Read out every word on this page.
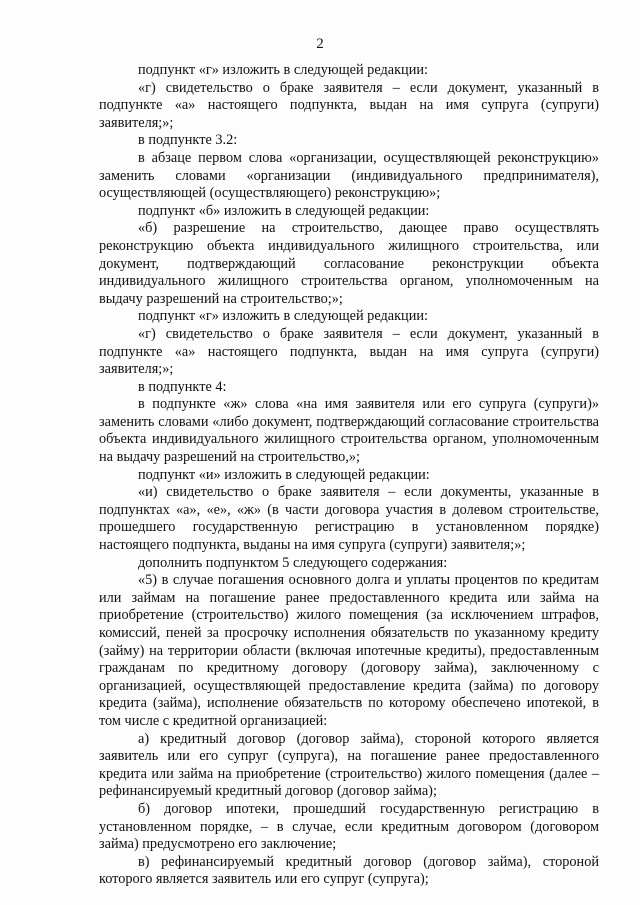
2

подпункт «г» изложить в следующей редакции:

«г) свидетельство о браке заявителя – если документ, указанный в подпункте «а» настоящего подпункта, выдан на имя супруга (супруги) заявителя;»;

в подпункте 3.2:

в абзаце первом слова «организации, осуществляющей реконструкцию» заменить словами «организации (индивидуального предпринимателя), осуществляющей (осуществляющего) реконструкцию»;

подпункт «б» изложить в следующей редакции:

«б) разрешение на строительство, дающее право осуществлять реконструкцию объекта индивидуального жилищного строительства, или документ, подтверждающий согласование реконструкции объекта индивидуального жилищного строительства органом, уполномоченным на выдачу разрешений на строительство;»;

подпункт «г» изложить в следующей редакции:

«г) свидетельство о браке заявителя – если документ, указанный в подпункте «а» настоящего подпункта, выдан на имя супруга (супруги) заявителя;»;

в подпункте 4:

в подпункте «ж» слова «на имя заявителя или его супруга (супруги)» заменить словами «либо документ, подтверждающий согласование строительства объекта индивидуального жилищного строительства органом, уполномоченным на выдачу разрешений на строительство,»;

подпункт «и» изложить в следующей редакции:

«и) свидетельство о браке заявителя – если документы, указанные в подпунктах «а», «е», «ж» (в части договора участия в долевом строительстве, прошедшего государственную регистрацию в установленном порядке) настоящего подпункта, выданы на имя супруга (супруги) заявителя;»;

дополнить подпунктом 5 следующего содержания:

«5) в случае погашения основного долга и уплаты процентов по кредитам или займам на погашение ранее предоставленного кредита или займа на приобретение (строительство) жилого помещения (за исключением штрафов, комиссий, пеней за просрочку исполнения обязательств по указанному кредиту (займу) на территории области (включая ипотечные кредиты), предоставленным гражданам по кредитному договору (договору займа), заключенному с организацией, осуществляющей предоставление кредита (займа) по договору кредита (займа), исполнение обязательств по которому обеспечено ипотекой, в том числе с кредитной организацией:

а) кредитный договор (договор займа), стороной которого является заявитель или его супруг (супруга), на погашение ранее предоставленного кредита или займа на приобретение (строительство) жилого помещения (далее – рефинансируемый кредитный договор (договор займа);

б) договор ипотеки, прошедший государственную регистрацию в установленном порядке, – в случае, если кредитным договором (договором займа) предусмотрено его заключение;

в) рефинансируемый кредитный договор (договор займа), стороной которого является заявитель или его супруг (супруга);
